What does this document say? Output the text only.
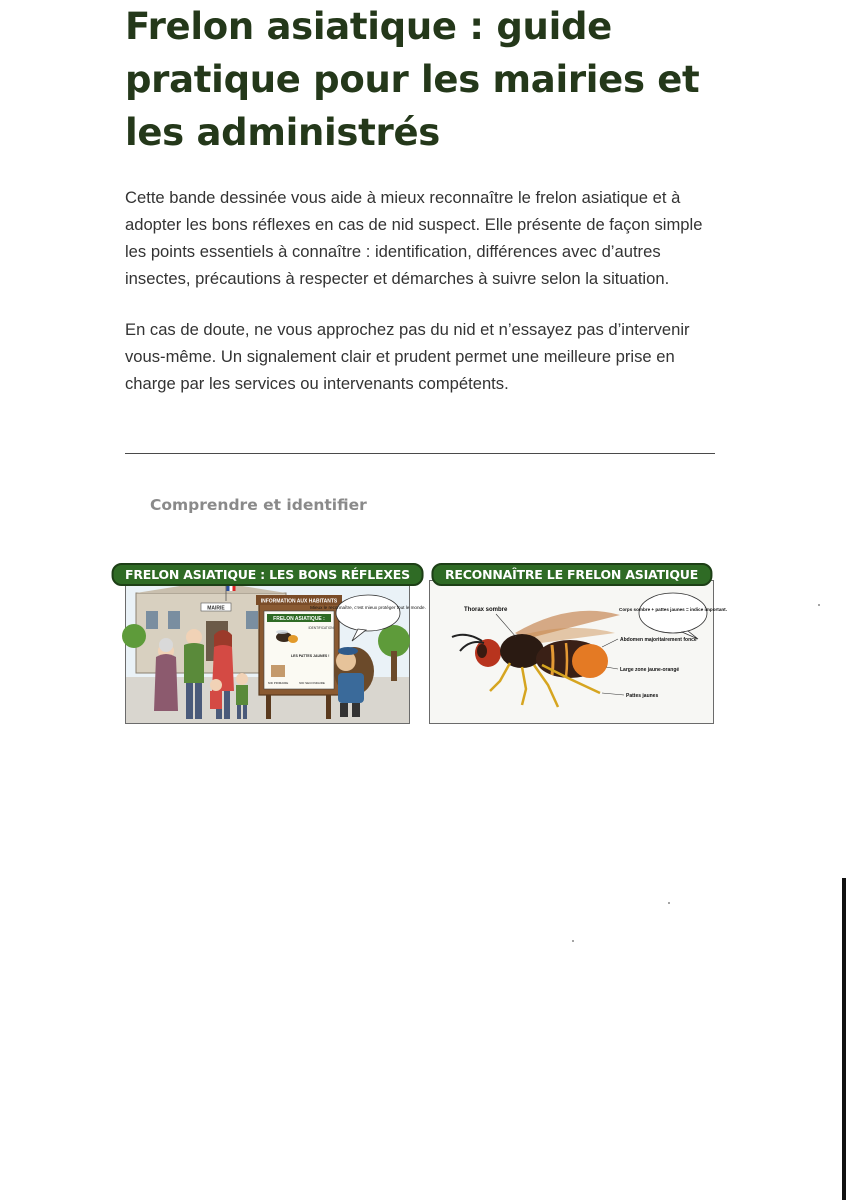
Frelon asiatique : guide pratique pour les mairies et les administrés

Cette bande dessinée vous aide à mieux reconnaître le frelon asiatique et à adopter les bons réflexes en cas de nid suspect. Elle présente de façon simple les points essentiels à connaître : identification, différences avec d’autres insectes, précautions à respecter et démarches à suivre selon la situation.

En cas de doute, ne vous approchez pas du nid et n’essayez pas d’intervenir vous-même. Un signalement clair et prudent permet une meilleure prise en charge par les services ou intervenants compétents.

Comprendre et identifier
FRELON ASIATIQUE : LES BONS RÉFLEXES
MAIRIE
INFORMATION AUX HABITANTS
FRELON ASIATIQUE :
IDENTIFICATION
LES PATTES JAUNES !
NID PRIMAIRE	NID SECONDAIRE
Mieux le reconnaître, c'est mieux protéger tout le monde.
RECONNAÎTRE LE FRELON ASIATIQUE
Thorax sombre	Corps sombre + pattes jaunes = indice important.
Abdomen majoritairement foncé
Large zone jaune-orangé
Pattes jaunes
